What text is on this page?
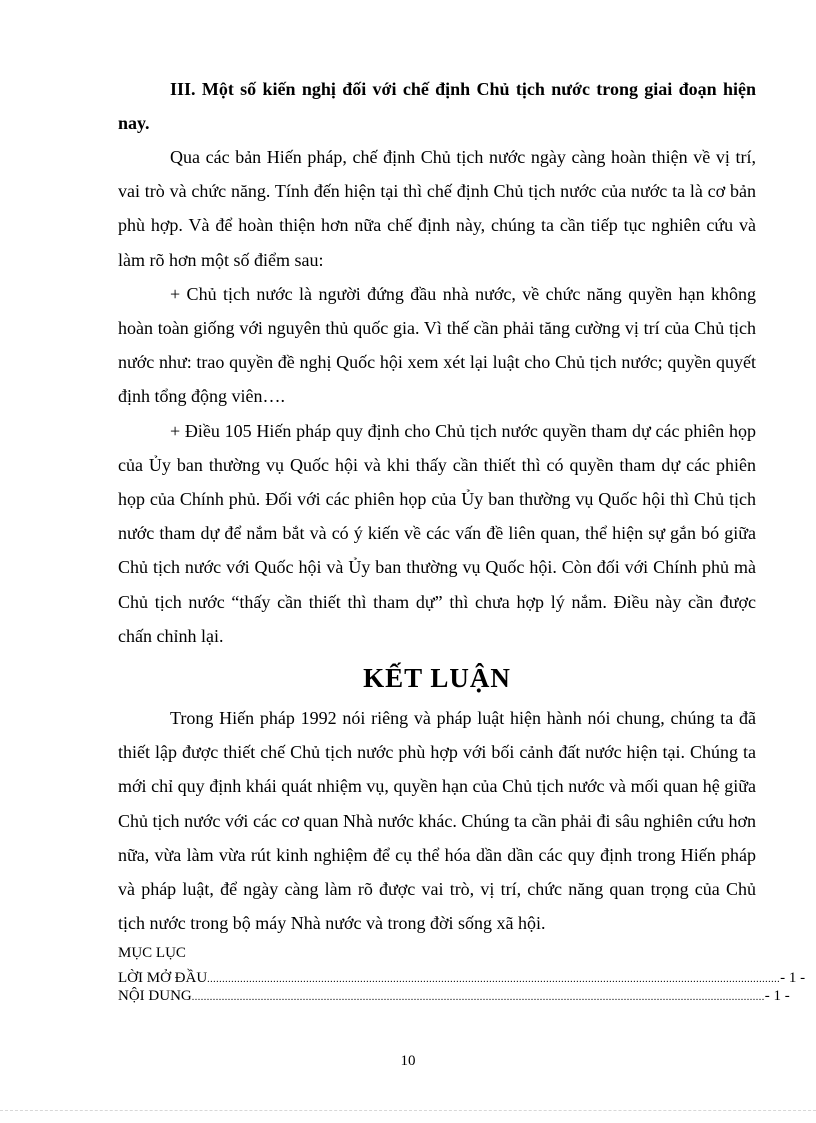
III. Một số kiến nghị đối với chế định Chủ tịch nước trong giai đoạn hiện nay.

Qua các bản Hiến pháp, chế định Chủ tịch nước ngày càng hoàn thiện về vị trí, vai trò và chức năng. Tính đến hiện tại thì chế định Chủ tịch nước của nước ta là cơ bản phù hợp. Và để hoàn thiện hơn nữa chế định này, chúng ta cần tiếp tục nghiên cứu và làm rõ hơn một số điểm sau:

+ Chủ tịch nước là người đứng đầu nhà nước, về chức năng quyền hạn không hoàn toàn giống với nguyên thủ quốc gia. Vì thế cần phải tăng cường vị trí của Chủ tịch nước như: trao quyền đề nghị Quốc hội xem xét lại luật cho Chủ tịch nước; quyền quyết định tổng động viên….

+ Điều 105 Hiến pháp quy định cho Chủ tịch nước quyền tham dự các phiên họp của Ủy ban thường vụ Quốc hội và khi thấy cần thiết thì có quyền tham dự các phiên họp của Chính phủ. Đối với các phiên họp của Ủy ban thường vụ Quốc hội thì Chủ tịch nước tham dự để nắm bắt và có ý kiến về các vấn đề liên quan, thể hiện sự gắn bó giữa Chủ tịch nước với Quốc hội và Ủy ban thường vụ Quốc hội. Còn đối với Chính phủ mà Chủ tịch nước “thấy cần thiết thì tham dự” thì chưa hợp lý nắm. Điều này cần được chấn chỉnh lại.

KẾT LUẬN

Trong Hiến pháp 1992 nói riêng và pháp luật hiện hành nói chung, chúng ta đã thiết lập được thiết chế Chủ tịch nước phù hợp với bối cảnh đất nước hiện tại. Chúng ta mới chỉ quy định khái quát nhiệm vụ, quyền hạn của Chủ tịch nước và mối quan hệ giữa Chủ tịch nước với các cơ quan Nhà nước khác. Chúng ta cần phải đi sâu nghiên cứu hơn nữa, vừa làm vừa rút kinh nghiệm để cụ thể hóa dần dần các quy định trong Hiến pháp và pháp luật, để ngày càng làm rõ được vai trò, vị trí, chức năng quan trọng của Chủ tịch nước trong bộ máy Nhà nước và trong đời sống xã hội.

MỤC LỤC
LỜI MỞ ĐẦU ............................................................................................................................................................................................... - 1 -
NỘI DUNG ............................................................................................................................................................................................... - 1 -
10
